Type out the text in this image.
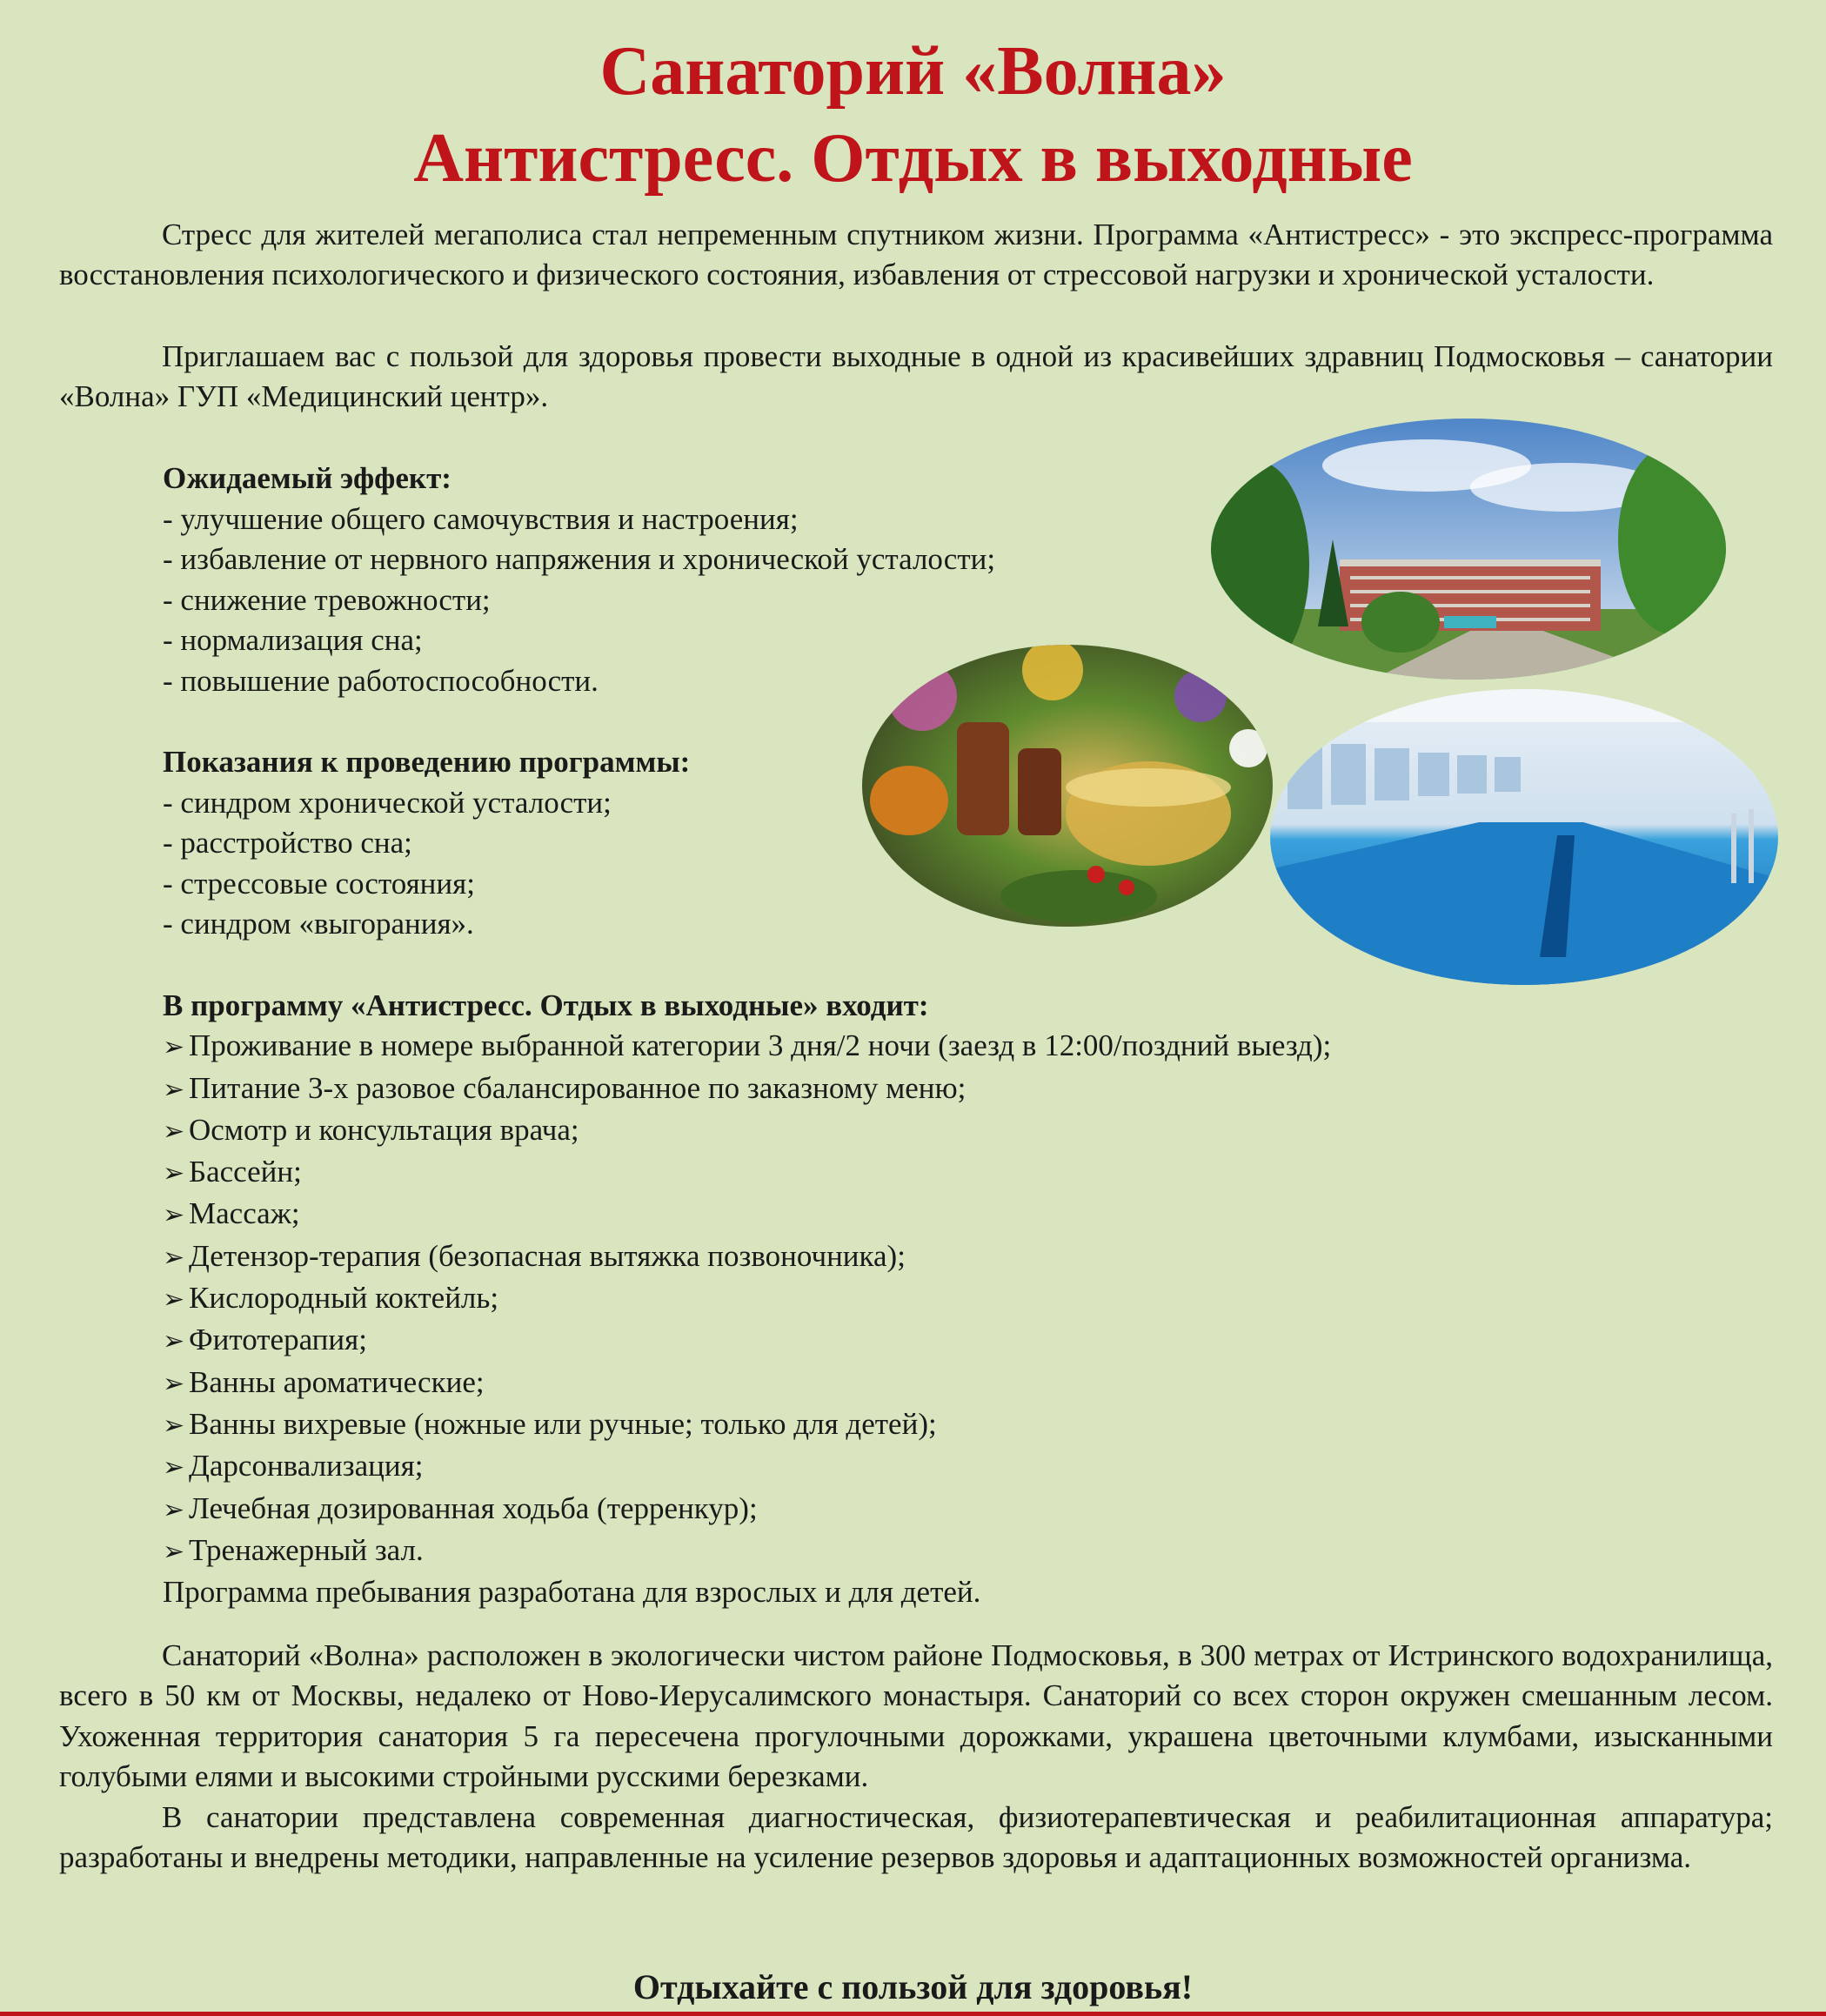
Санаторий «Волна»
Антистресс. Отдых в выходные

Стресс для жителей мегаполиса стал непременным спутником жизни. Программа «Антистресс» - это экспресс-программа восстановления психологического и физического состояния, избавления от стрессовой нагрузки и хронической усталости.

Приглашаем вас с пользой для здоровья провести выходные в одной из красивейших здравниц Подмосковья – санатории «Волна» ГУП «Медицинский центр».

Ожидаемый эффект:
- улучшение общего самочувствия и настроения;
- избавление от нервного напряжения и хронической усталости;
- снижение тревожности;
- нормализация сна;
- повышение работоспособности.
Показания к проведению программы:
- синдром хронической усталости;
- расстройство сна;
- стрессовые состояния;
- синдром «выгорания».
В программу «Антистресс. Отдых в выходные» входит:
➢ Проживание в номере выбранной категории 3 дня/2 ночи (заезд в 12:00/поздний выезд);
➢ Питание 3-х разовое сбалансированное по заказному меню;
➢ Осмотр и консультация врача;
➢ Бассейн;
➢ Массаж;
➢ Детензор-терапия (безопасная вытяжка позвоночника);
➢ Кислородный коктейль;
➢ Фитотерапия;
➢ Ванны ароматические;
➢ Ванны вихревые (ножные или ручные; только для детей);
➢ Дарсонвализация;
➢ Лечебная дозированная ходьба (терренкур);
➢ Тренажерный зал.
Программа пребывания разработана для взрослых и для детей.

Санаторий «Волна» расположен в экологически чистом районе Подмосковья, в 300 метрах от Истринского водохранилища, всего в 50 км от Москвы, недалеко от Ново-Иерусалимского монастыря. Санаторий со всех сторон окружен смешанным лесом. Ухоженная территория санатория 5 га пересечена прогулочными дорожками, украшена цветочными клумбами, изысканными голубыми елями и высокими стройными русскими березками.

В санатории представлена современная диагностическая, физиотерапевтическая и реабилитационная аппаратура; разработаны и внедрены методики, направленные на усиление резервов здоровья и адаптационных возможностей организма.

Отдыхайте с пользой для здоровья!
